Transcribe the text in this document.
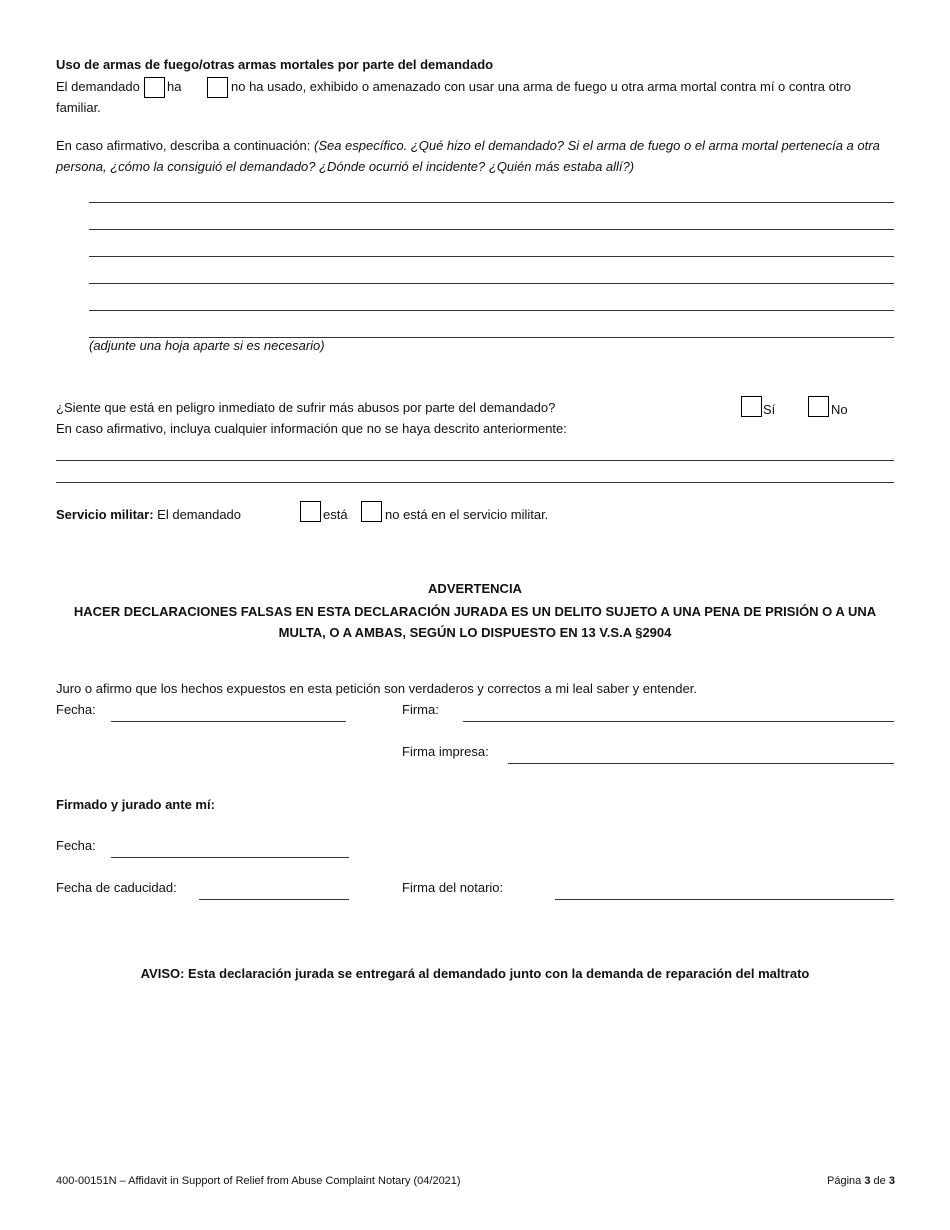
Uso de armas de fuego/otras armas mortales por parte del demandado
El demandado ha	no ha usado, exhibido o amenazado con usar una arma de fuego u otra arma mortal contra mí o contra otro
familiar.
En caso afirmativo, describa a continuación: (Sea específico. ¿Qué hizo el demandado? Si el arma de fuego o el arma mortal pertenecía a otra persona, ¿cómo la consiguió el demandado? ¿Dónde ocurrió el incidente? ¿Quién más estaba allí?)
(adjunte una hoja aparte si es necesario)
¿Siente que está en peligro inmediato de sufrir más abusos por parte del demandado?	Sí	No
En caso afirmativo, incluya cualquier información que no se haya descrito anteriormente:
Servicio militar: El demandado	está	no está en el servicio militar.
ADVERTENCIA
HACER DECLARACIONES FALSAS EN ESTA DECLARACIÓN JURADA ES UN DELITO SUJETO A UNA PENA DE PRISIÓN O A UNA MULTA, O A AMBAS, SEGÚN LO DISPUESTO EN 13 V.S.A §2904
Juro o afirmo que los hechos expuestos en esta petición son verdaderos y correctos a mi leal saber y entender.
Fecha:	Firma:
Firma impresa:
Firmado y jurado ante mí:
Fecha:
Fecha de caducidad:	Firma del notario:
AVISO: Esta declaración jurada se entregará al demandado junto con la demanda de reparación del maltrato
400-00151N – Affidavit in Support of Relief from Abuse Complaint Notary (04/2021)	Página 3 de 3
